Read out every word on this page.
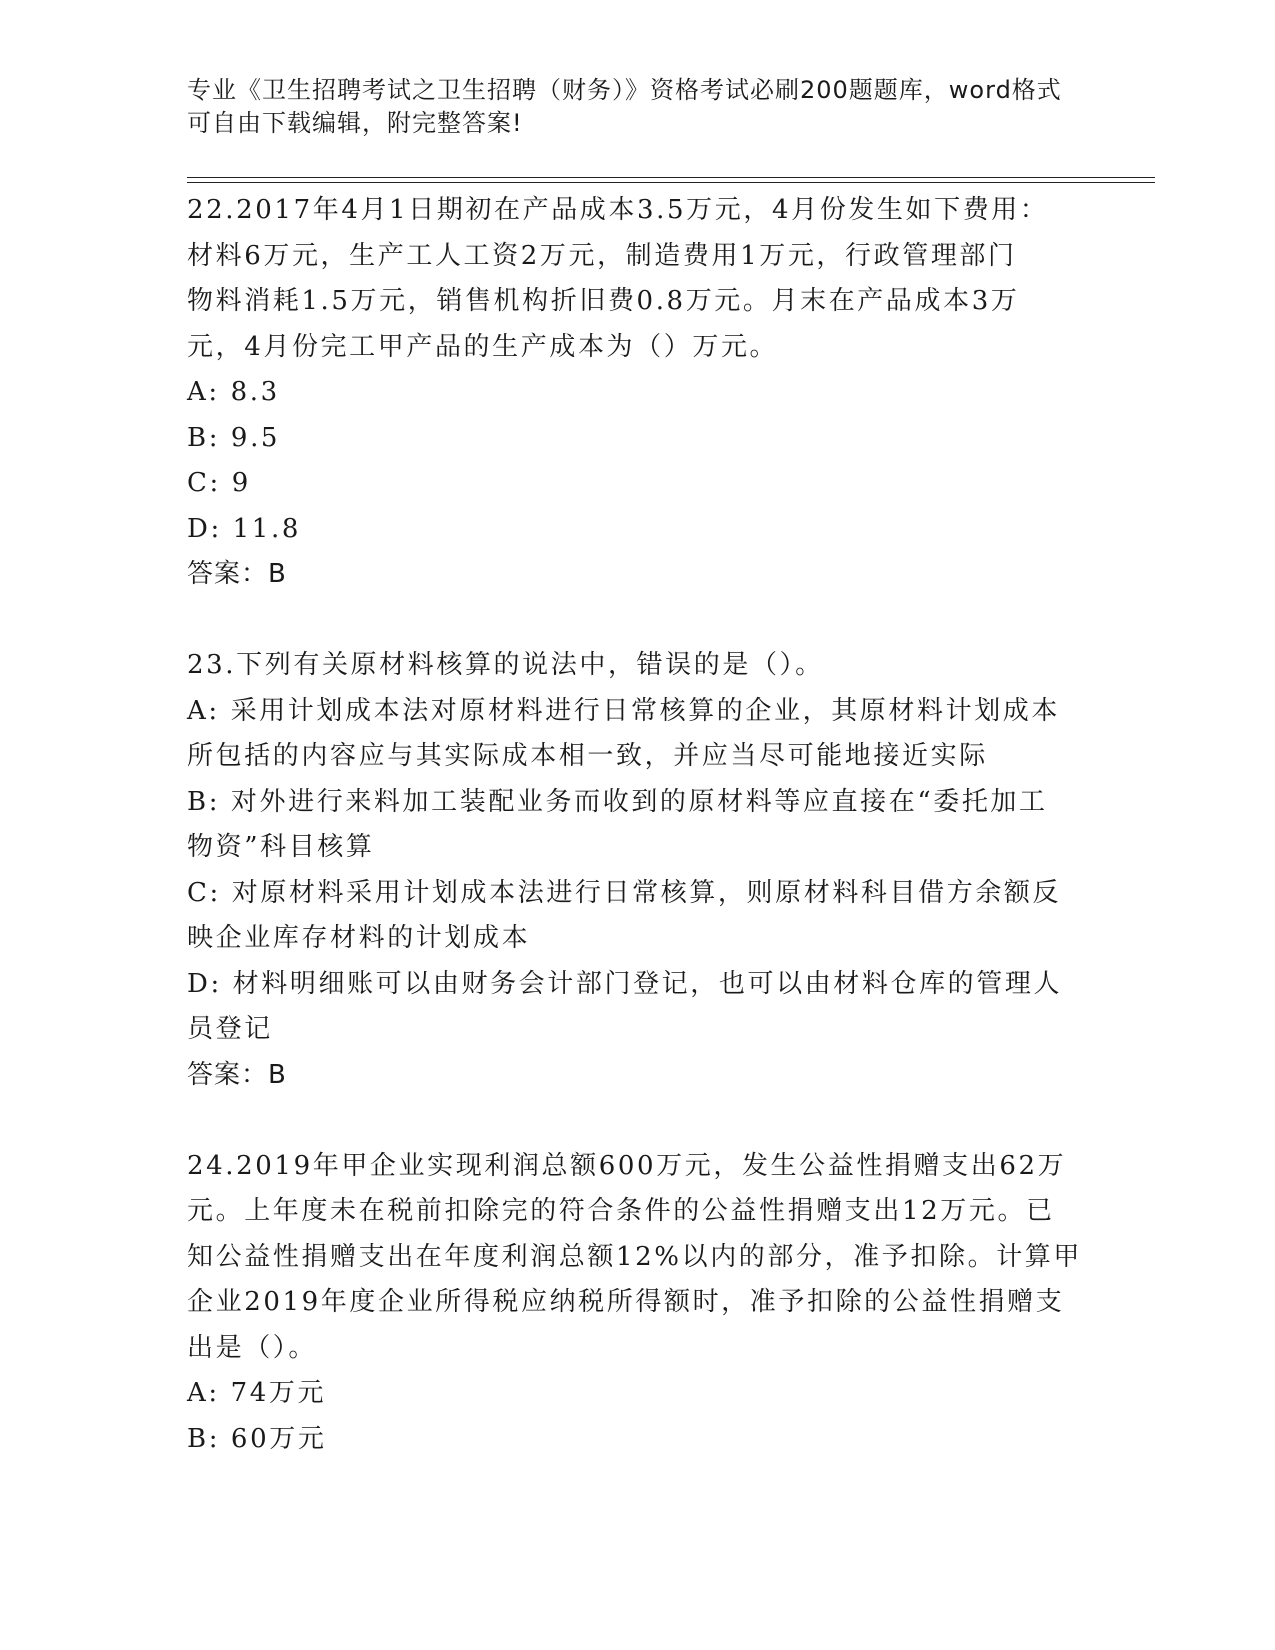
专业《卫生招聘考试之卫生招聘（财务）》资格考试必刷200题题库，word格式
可自由下载编辑，附完整答案!
22.2017年4月1日期初在产品成本3.5万元，4月份发生如下费用：
材料6万元，生产工人工资2万元，制造费用1万元，行政管理部门
物料消耗1.5万元，销售机构折旧费0.8万元。月末在产品成本3万
元，4月份完工甲产品的生产成本为（）万元。
A: 8.3
B: 9.5
C: 9
D: 11.8
答案：B
23.下列有关原材料核算的说法中，错误的是（）。
A: 采用计划成本法对原材料进行日常核算的企业，其原材料计划成本
所包括的内容应与其实际成本相一致，并应当尽可能地接近实际
B: 对外进行来料加工装配业务而收到的原材料等应直接在“委托加工
物资”科目核算
C: 对原材料采用计划成本法进行日常核算，则原材料科目借方余额反
映企业库存材料的计划成本
D: 材料明细账可以由财务会计部门登记，也可以由材料仓库的管理人
员登记
答案：B
24.2019年甲企业实现利润总额600万元，发生公益性捐赠支出62万
元。上年度未在税前扣除完的符合条件的公益性捐赠支出12万元。已
知公益性捐赠支出在年度利润总额12%以内的部分，准予扣除。计算甲
企业2019年度企业所得税应纳税所得额时，准予扣除的公益性捐赠支
出是（）。
A: 74万元
B: 60万元
